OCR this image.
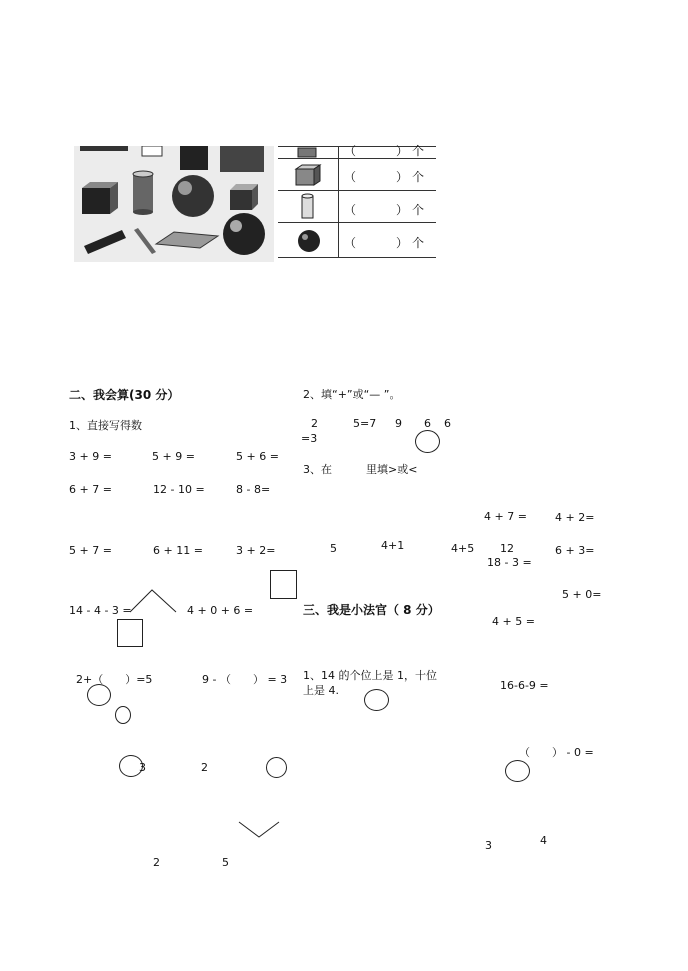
（	） 个
（	） 个
（	） 个
（	） 个
二、我会算(30 分）
1、直接写得数
3 + 9 =	5 + 9 =	5 + 6 =
6 + 7 =	12 - 10 =	8 - 8=
5 + 7 =	6 + 11 =	3 + 2=
14 - 4 - 3 =	4 + 0 + 6 =
2+（　　）=5	9 - （　　） = 3
3	2
2	5
2、填“+”或“— ”。
2	5=7 9 6 6
=3
3、在	里填>或<
4 + 7 =	4 + 2=
5	4+1	4+5 12	6 + 3=
18 - 3 =
5 + 0=
4 + 5 =
16-6-9 =
（　　） - 0 =
3	4
三、我是小法官（ 8 分）
1、14 的个位上是 1，十位
上是 4.
